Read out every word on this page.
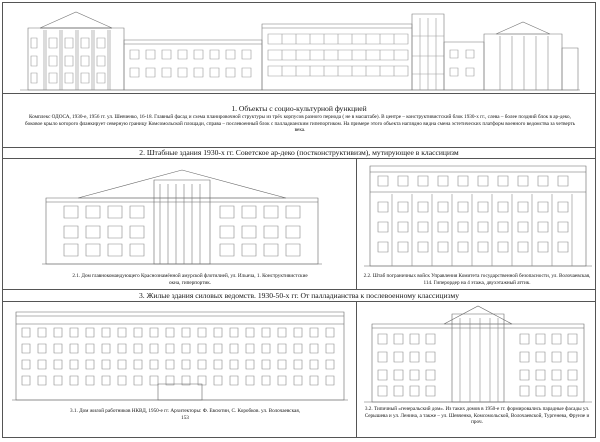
1. Объекты с социо-культурной функцией
Комплекс ОДОСА, 1930-е, 1956 гг. ул. Шевченко, 16-18. Главный фасад и схема планировочной структуры из трёх корпусов разного периода ( не в масштабе). В центре – конструктивистский блок 1930-х гг., слева – более поздний блок в ар-деко, боковое крыло которого фланкирует северную границу Комсомольской площади, справа – послевоенный блок с палладианским гипепортиком. На примере этого объекта наглядно видна смена эстетических платформ военного ведомства за четверть века.
2. Штабные здания 1930-х гг. Советское ар-деко (постконструктивизм), мутирующее в классицизм
2.1. Дом главнокомандующего Краснознамённой амурской флотилией, ул. Ильича, 1. Конструктивистские окна, гиперпортик.
2.2. Штаб пограничных войск Управления Комитета государственной безопасности, ул. Волочаевская, 114. Гиперордер на 4 этажа, двухэтажный аттик.
3. Жилые здания силовых ведомств. 1930-50-х гг. От палладианства к послевоенному классицизму
3.1. Дом жилой работников НКВД, 1950-е гг. Архитекторы: Ф. Евсютин, С. Коробков. ул. Волочаевская, 153
3.2. Типичный «генеральский дом». Из таких домов в 1950-е гг. формировались парадные фасады ул. Серышева и ул. Ленина, а также – ул. Шевченко, Комсомольской, Волочаевской, Тургенева, Фрунзе и проч.
